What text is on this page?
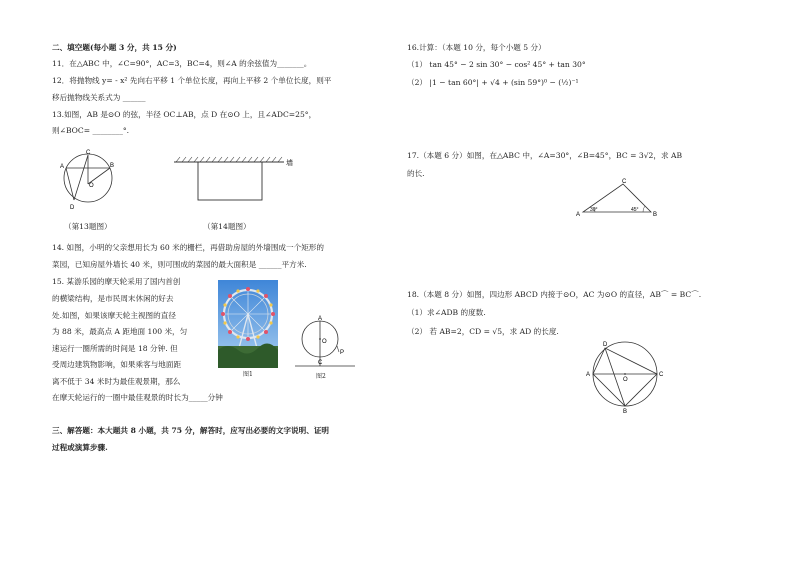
二、填空题(每小题 3 分，共 15 分)
11．在△ABC 中，∠C=90°，AC=3，BC=4，则∠A 的余弦值为_______。
12．将抛物线 y= - x² 先向右平移 1 个单位长度，再向上平移 2 个单位长度，则平
移后抛物线关系式为 ______
13.如图，AB 是⊙O 的弦，半径 OC⊥AB，点 D 在⊙O 上，且∠ADC=25°，
则∠BOC= ________°.
A	B
C
D
O
墙
（第13题图）	（第14题图）
14. 如图，小明的父亲想用长为 60 米的栅栏，再借助房屋的外墙围成一个矩形的
菜园，已知房屋外墙长 40 米，则可围成的菜园的最大面积是 ______平方米.
15. 某游乐园的摩天轮采用了国内首创
的横梁结构，是市民周末休闲的好去
处.如图，如果该摩天轮主视图的直径
为 88 米，最高点 A 距地面 100 米，匀
速运行一圈所需的时间是 18 分钟. 但
受周边建筑物影响，如果乘客与地面距
离不低于 34 米时为最佳观景期，那么
在摩天轮运行的一圈中最佳观景的时长为_____分钟
图1
A
O
C
P
图2
三、解答题：本大题共 8 小题，共 75 分，解答时，应写出必要的文字说明、证明
过程或演算步骤.
16.计算：（本题 10 分，每个小题 5 分）
（1） tan 45° − 2 sin 30° − cos² 45° + tan 30°
（2） |1 − tan 60°| + √4 + (sin 59°)⁰ − (½)⁻¹
17.（本题 6 分）如图，在△ABC 中，∠A=30°，∠B=45°，BC = 3√2，求 AB
的长.
A	B
C
30°	45°
18.（本题 8 分）如图，四边形 ABCD 内接于⊙O，AC 为⊙O 的直径，AB⌒ = BC⌒.
（1）求∠ADB 的度数.
（2） 若 AB=2，CD = √5，求 AD 的长度.
A
B
C
D
O
